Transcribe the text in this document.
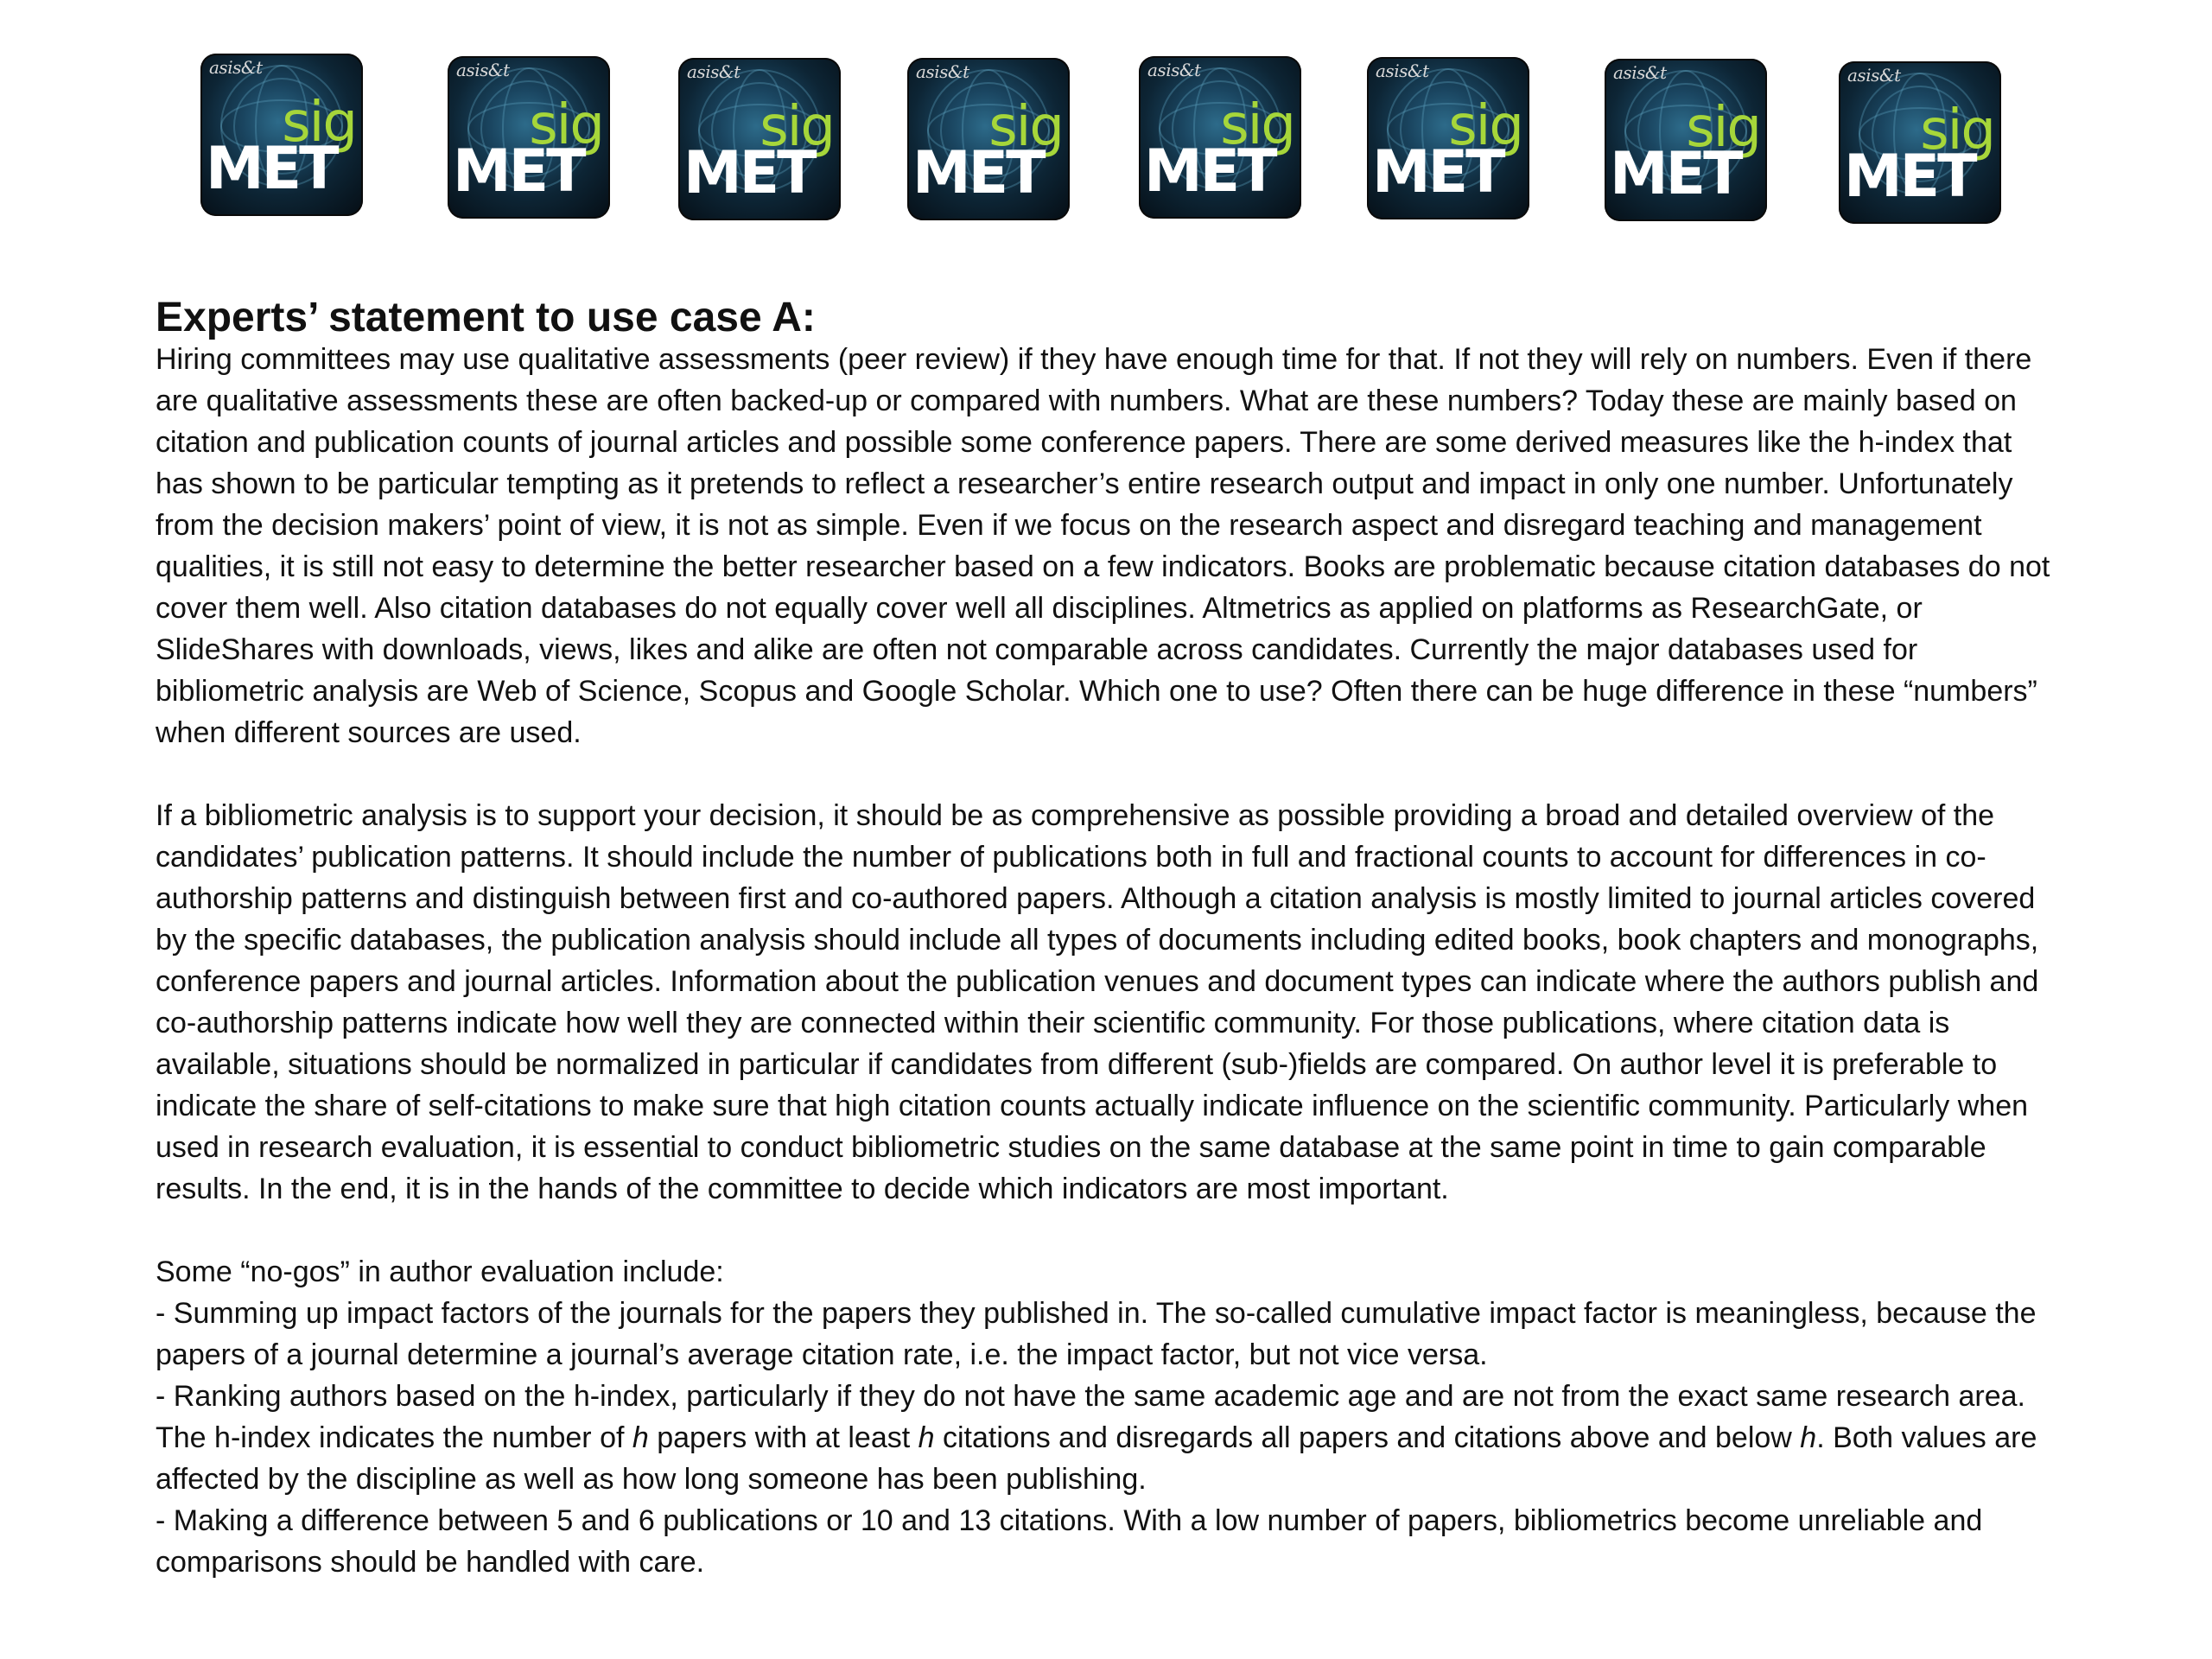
asis&t
sig
MET
asis&t
sig
MET
asis&t
sig
MET
asis&t
sig
MET
asis&t
sig
MET
asis&t
sig
MET
asis&t
sig
MET
asis&t
sig
MET
Experts’ statement to use case A:

Hiring committees may use qualitative assessments (peer review) if they have enough time for that. If not they will rely on numbers. Even if there are qualitative assessments these are often backed-up or compared with numbers. What are these numbers? Today these are mainly based on citation and publication counts of journal articles and possible some conference papers. There are some derived measures like the h-index that has shown to be particular tempting as it pretends to reflect a researcher’s entire research output and impact in only one number. Unfortunately from the decision makers’ point of view, it is not as simple. Even if we focus on the research aspect and disregard teaching and management qualities, it is still not easy to determine the better researcher based on a few indicators. Books are problematic because citation databases do not cover them well. Also citation databases do not equally cover well all disciplines. Altmetrics as applied on platforms as ResearchGate, or SlideShares with downloads, views, likes and alike are often not comparable across candidates. Currently the major databases used for bibliometric analysis are Web of Science, Scopus and Google Scholar. Which one to use? Often there can be huge difference in these “numbers” when different sources are used.

If a bibliometric analysis is to support your decision, it should be as comprehensive as possible providing a broad and detailed overview of the candidates’ publication patterns. It should include the number of publications both in full and fractional counts to account for differences in co-authorship patterns and distinguish between first and co-authored papers. Although a citation analysis is mostly limited to journal articles covered by the specific databases, the publication analysis should include all types of documents including edited books, book chapters and monographs, conference papers and journal articles. Information about the publication venues and document types can indicate where the authors publish and co-authorship patterns indicate how well they are connected within their scientific community. For those publications, where citation data is available, situations should be normalized in particular if candidates from different (sub-)fields are compared. On author level it is preferable to indicate the share of self-citations to make sure that high citation counts actually indicate influence on the scientific community. Particularly when used in research evaluation, it is essential to conduct bibliometric studies on the same database at the same point in time to gain comparable results. In the end, it is in the hands of the committee to decide which indicators are most important.

Some “no-gos” in author evaluation include:

- Summing up impact factors of the journals for the papers they published in. The so-called cumulative impact factor is meaningless, because the papers of a journal determine a journal’s average citation rate, i.e. the impact factor, but not vice versa.

- Ranking authors based on the h-index, particularly if they do not have the same academic age and are not from the exact same research area. The h-index indicates the number of h papers with at least h citations and disregards all papers and citations above and below h. Both values are affected by the discipline as well as how long someone has been publishing.

- Making a difference between 5 and 6 publications or 10 and 13 citations. With a low number of papers, bibliometrics become unreliable and comparisons should be handled with care.
